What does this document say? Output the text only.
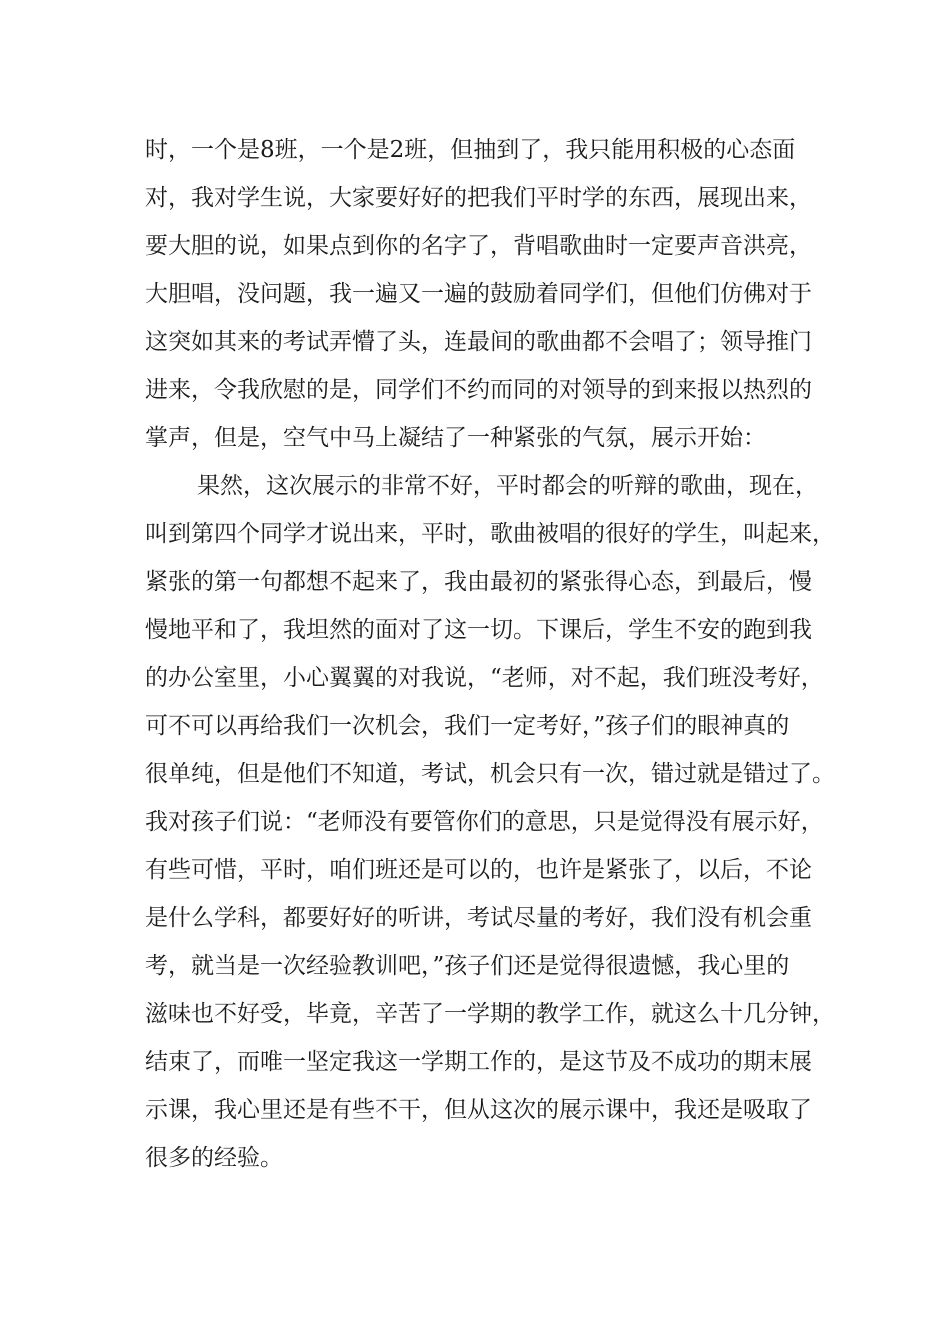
时，一个是8班，一个是2班，但抽到了，我只能用积极的心态面
对，我对学生说，大家要好好的把我们平时学的东西，展现出来，
要大胆的说，如果点到你的名字了，背唱歌曲时一定要声音洪亮，
大胆唱，没问题，我一遍又一遍的鼓励着同学们，但他们仿佛对于
这突如其来的考试弄懵了头，连最间的歌曲都不会唱了；领导推门
进来，令我欣慰的是，同学们不约而同的对领导的到来报以热烈的
掌声，但是，空气中马上凝结了一种紧张的气氛，展示开始：
果然，这次展示的非常不好，平时都会的听辩的歌曲，现在，
叫到第四个同学才说出来，平时，歌曲被唱的很好的学生，叫起来，
紧张的第一句都想不起来了，我由最初的紧张得心态，到最后，慢
慢地平和了，我坦然的面对了这一切。下课后，学生不安的跑到我
的办公室里，小心翼翼的对我说，“老师，对不起，我们班没考好，
可不可以再给我们一次机会，我们一定考好，”孩子们的眼神真的
很单纯，但是他们不知道，考试，机会只有一次，错过就是错过了。
我对孩子们说：“老师没有要管你们的意思，只是觉得没有展示好，
有些可惜，平时，咱们班还是可以的，也许是紧张了，以后，不论
是什么学科，都要好好的听讲，考试尽量的考好，我们没有机会重
考，就当是一次经验教训吧，”孩子们还是觉得很遗憾，我心里的
滋味也不好受，毕竟，辛苦了一学期的教学工作，就这么十几分钟，
结束了，而唯一坚定我这一学期工作的，是这节及不成功的期末展
示课，我心里还是有些不干，但从这次的展示课中，我还是吸取了
很多的经验。
